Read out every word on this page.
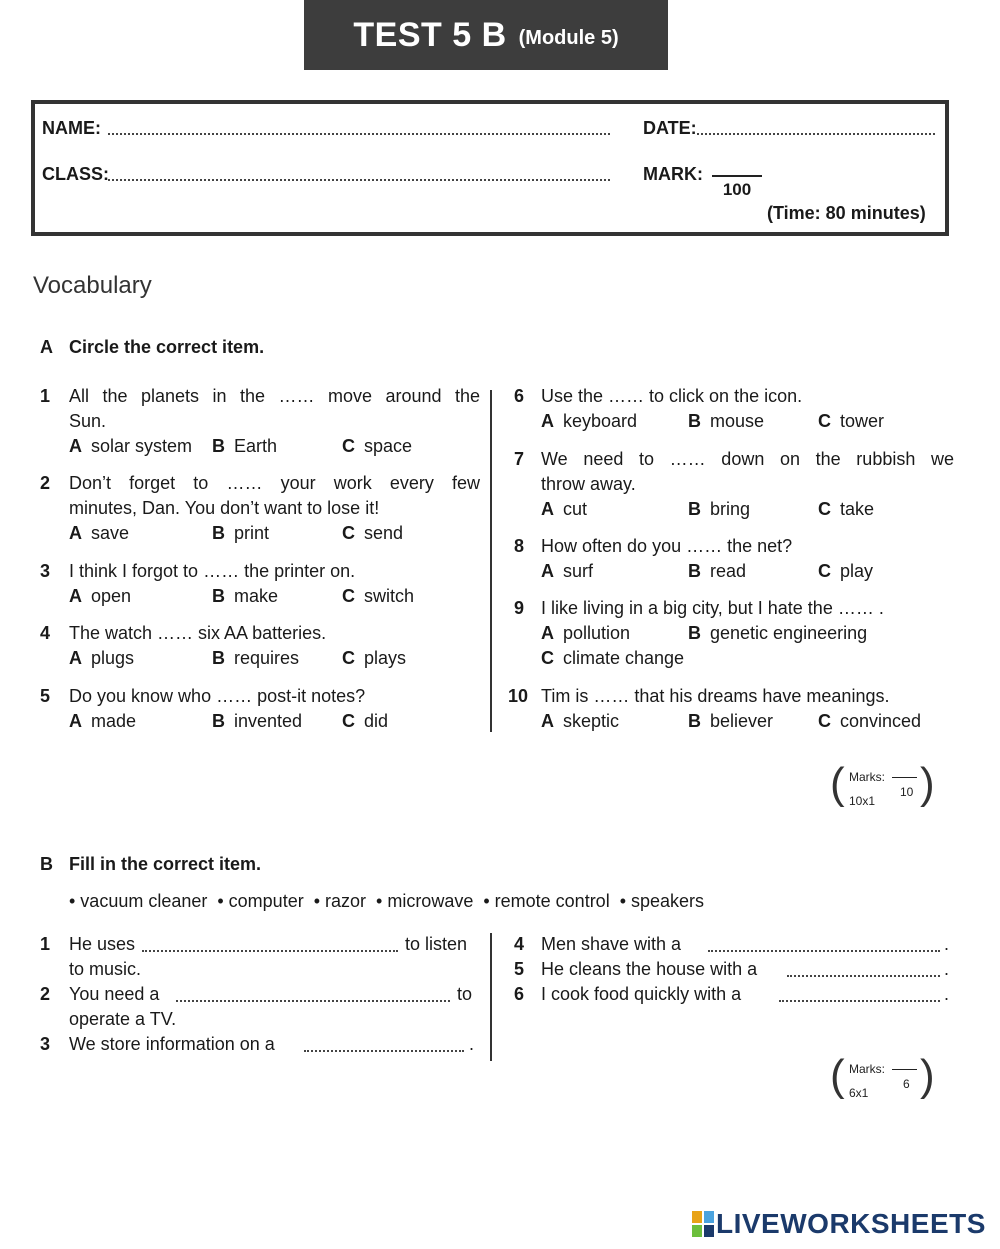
TEST 5 B (Module 5)
NAME:	DATE:
CLASS:	MARK:
100
(Time: 80 minutes)
Vocabulary
A Circle the correct item.
1 All the planets in the …… move around the
Sun.
A solar system B Earth	C space
2 Don’t forget to …… your work every few
minutes, Dan. You don’t want to lose it!
A save	B print	C send
3 I think I forgot to …… the printer on.
A open	B make	C switch
4 The watch …… six AA batteries.
A plugs	B requires C plays
5 Do you know who …… post-it notes?
A made	B invented C did
6 Use the …… to click on the icon.
A keyboard	B mouse	C tower
7 We need to …… down on the rubbish we
throw away.
A cut	B bring	C take
8 How often do you …… the net?
A surf	B read	C play
9 I like living in a big city, but I hate the …… .
A pollution	B genetic engineering
C climate change
10 Tim is …… that his dreams have meanings.
A skeptic	B believer C convinced
( Marks:
10x1
10 )
B Fill in the correct item.
• vacuum cleaner  • computer  • razor  • microwave  • remote control  • speakers
1 He uses	to listen
to music.
2 You need a	to
operate a TV.
3 We store information on a	.
4 Men shave with a	.
5 He cleans the house with a	.
6 I cook food quickly with a	.
( Marks:
6x1
6 )
LIVEWORKSHEETS
